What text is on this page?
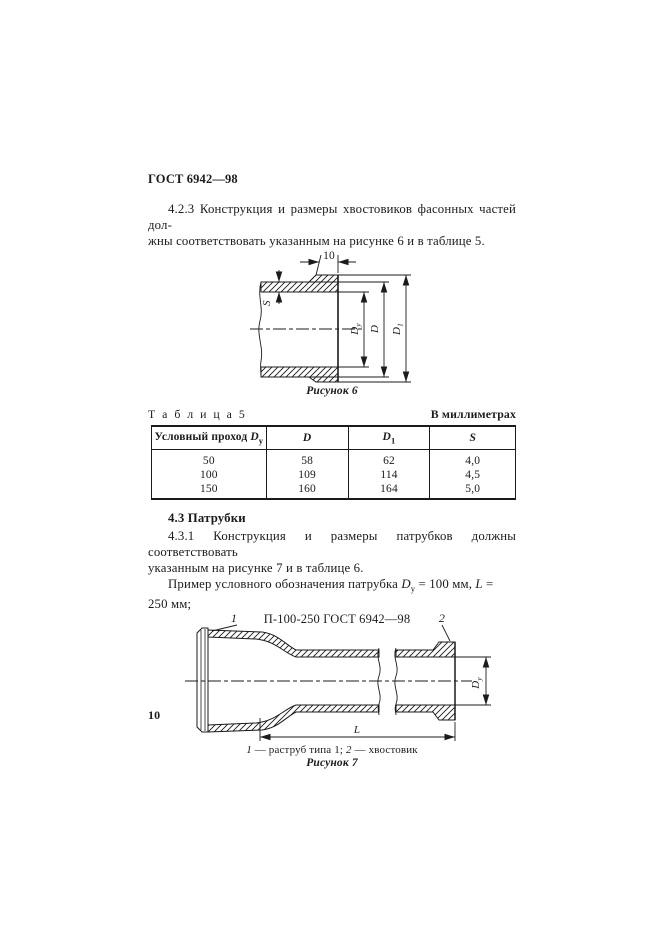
ГОСТ 6942—98
4.2.3 Конструкция и размеры хвостовиков фасонных частей дол-
жны соответствовать указанным на рисунке 6 и в таблице 5.
10
S
$D_у$ D $D_1$
Рисунок 6
Т а б л и ц а 5	В миллиметрах
Условный проход $D_у$	D	$D_1$	S
50	58	62	4,0
100	109	114	4,5
150	160	164	5,0
4.3 Патрубки
4.3.1 Конструкция и размеры патрубков должны соответствовать
указанным на рисунке 7 и в таблице 6.
Пример условного обозначения патрубка $D_у = 100$ мм, L = 250 мм;
1 П-100-250 ГОСТ 6942—98 2
$D_у$
L
1 — раструб типа 1; 2 — хвостовик
Рисунок 7
10
